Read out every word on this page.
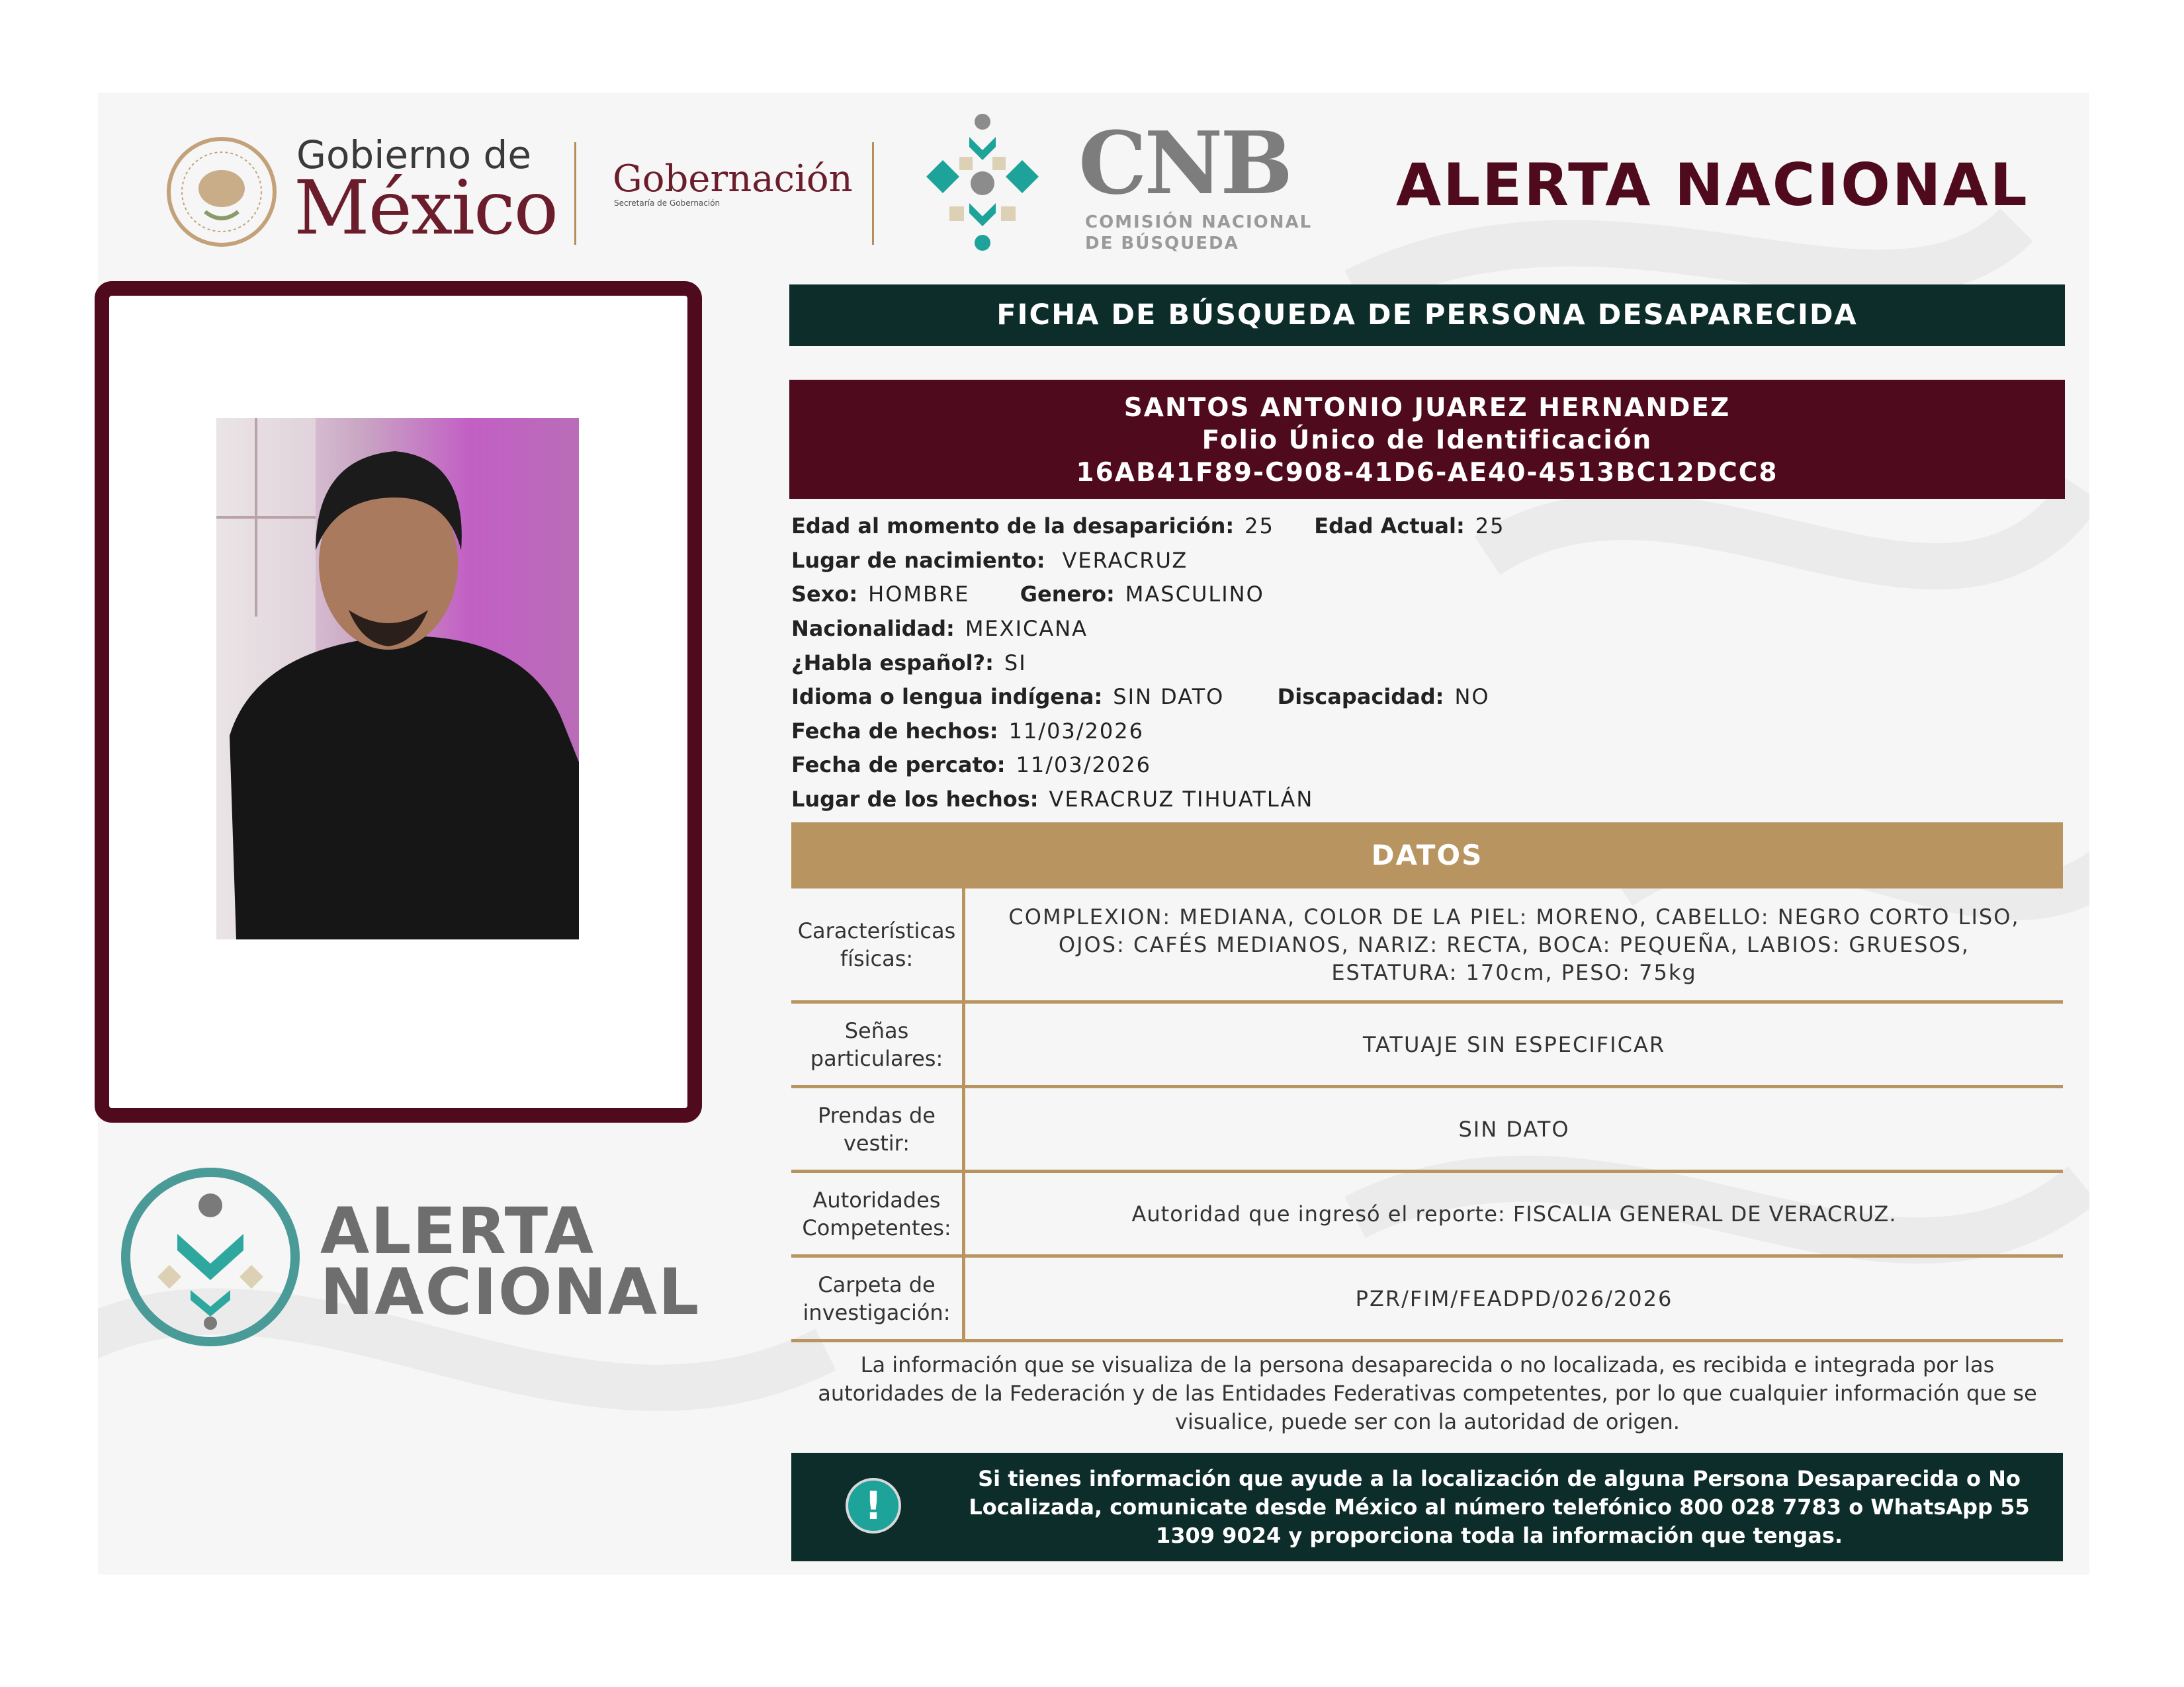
Gobierno de
México Gobernación
Secretaría de Gobernación	CNB
COMISIÓN NACIONAL
DE BÚSQUEDA
ALERTA NACIONAL
ALERTA
NACIONAL
FICHA DE BÚSQUEDA DE PERSONA DESAPARECIDA
SANTOS ANTONIO JUAREZ HERNANDEZ
Folio Único de Identificación
16AB41F89-C908-41D6-AE40-4513BC12DCC8
Edad al momento de la desaparición: 25 Edad Actual: 25
Lugar de nacimiento: VERACRUZ
Sexo: HOMBRE Genero: MASCULINO
Nacionalidad: MEXICANA
¿Habla español?: SI
Idioma o lengua indígena: SIN DATO	Discapacidad: NO
Fecha de hechos: 11/03/2026
Fecha de percato: 11/03/2026
Lugar de los hechos: VERACRUZ TIHUATLÁN
DATOS
Características físicas:
COMPLEXION: MEDIANA, COLOR DE LA PIEL: MORENO, CABELLO: NEGRO CORTO LISO, OJOS: CAFÉS MEDIANOS, NARIZ: RECTA, BOCA: PEQUEÑA, LABIOS: GRUESOS, ESTATURA: 170cm, PESO: 75kg
Señas particulares:
TATUAJE SIN ESPECIFICAR
Prendas de vestir:
SIN DATO
Autoridades Competentes:
Autoridad que ingresó el reporte: FISCALIA GENERAL DE VERACRUZ.
Carpeta de investigación:
PZR/FIM/FEADPD/026/2026
La información que se visualiza de la persona desaparecida o no localizada, es recibida e integrada por las autoridades de la Federación y de las Entidades Federativas competentes, por lo que cualquier información que se visualice, puede ser con la autoridad de origen.
!
Si tienes información que ayude a la localización de alguna Persona Desaparecida o No Localizada, comunicate desde México al número telefónico 800 028 7783 o WhatsApp 55 1309 9024 y proporciona toda la información que tengas.
